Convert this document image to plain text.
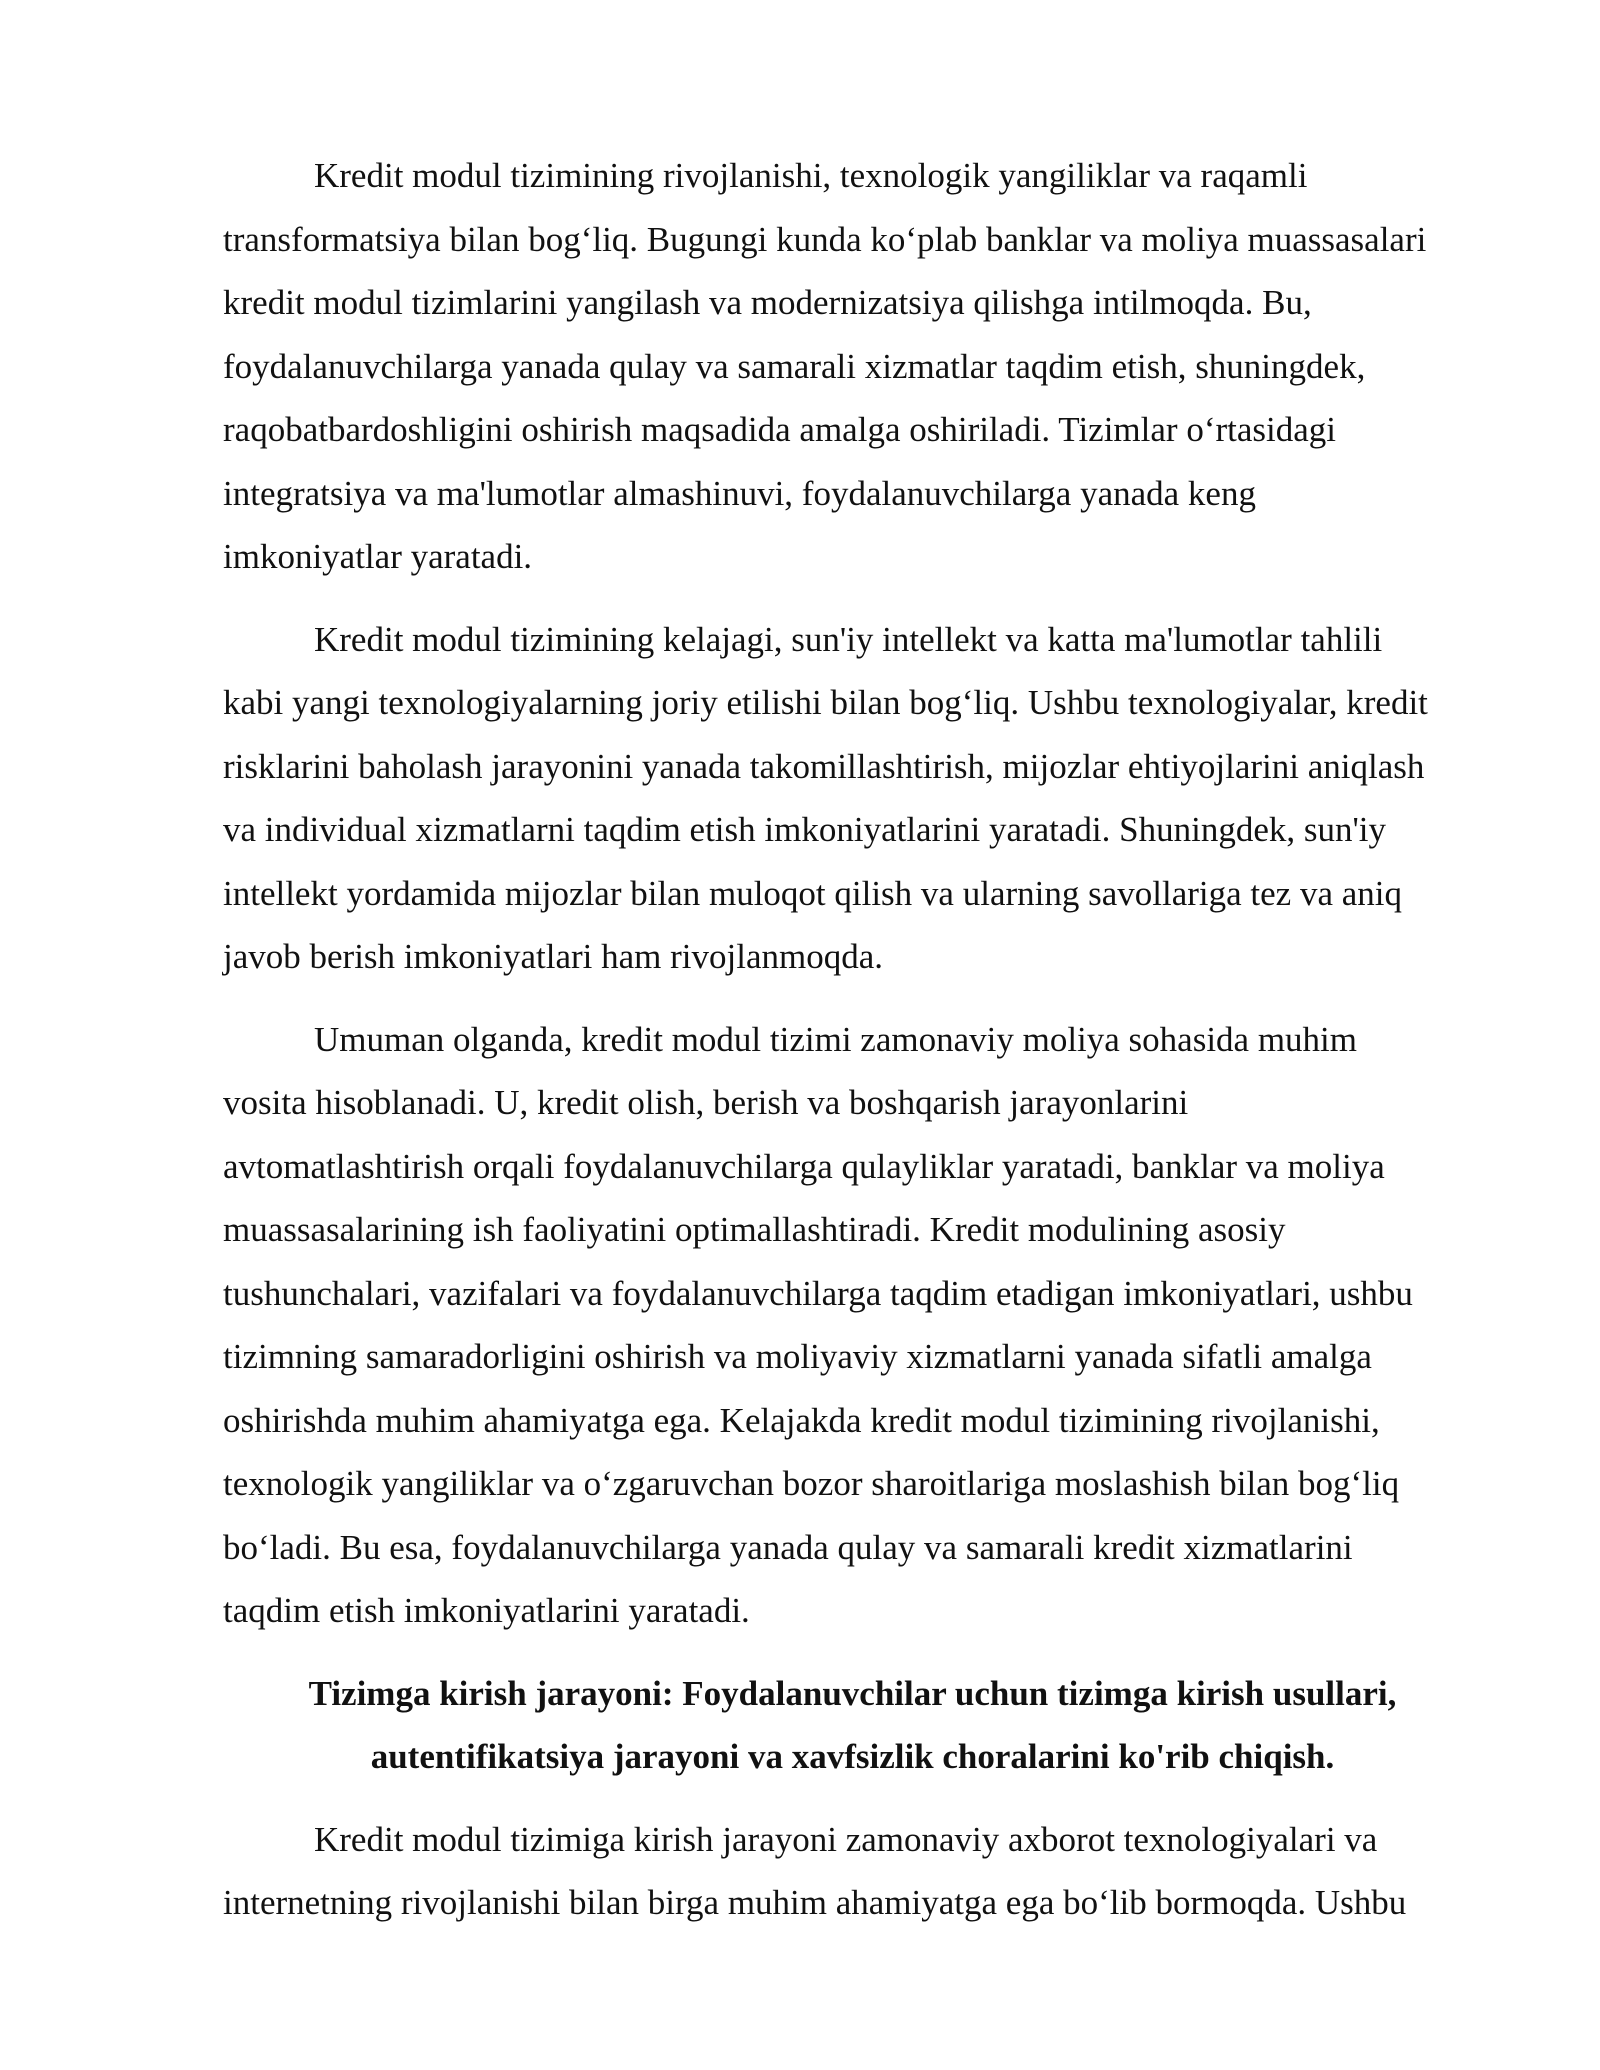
Kredit modul tizimining rivojlanishi, texnologik yangiliklar va raqamli
transformatsiya bilan bog‘liq. Bugungi kunda ko‘plab banklar va moliya muassasalari
kredit modul tizimlarini yangilash va modernizatsiya qilishga intilmoqda. Bu,
foydalanuvchilarga yanada qulay va samarali xizmatlar taqdim etish, shuningdek,
raqobatbardoshligini oshirish maqsadida amalga oshiriladi. Tizimlar o‘rtasidagi
integratsiya va ma'lumotlar almashinuvi, foydalanuvchilarga yanada keng
imkoniyatlar yaratadi.
Kredit modul tizimining kelajagi, sun'iy intellekt va katta ma'lumotlar tahlili
kabi yangi texnologiyalarning joriy etilishi bilan bog‘liq. Ushbu texnologiyalar, kredit
risklarini baholash jarayonini yanada takomillashtirish, mijozlar ehtiyojlarini aniqlash
va individual xizmatlarni taqdim etish imkoniyatlarini yaratadi. Shuningdek, sun'iy
intellekt yordamida mijozlar bilan muloqot qilish va ularning savollariga tez va aniq
javob berish imkoniyatlari ham rivojlanmoqda.
Umuman olganda, kredit modul tizimi zamonaviy moliya sohasida muhim
vosita hisoblanadi. U, kredit olish, berish va boshqarish jarayonlarini
avtomatlashtirish orqali foydalanuvchilarga qulayliklar yaratadi, banklar va moliya
muassasalarining ish faoliyatini optimallashtiradi. Kredit modulining asosiy
tushunchalari, vazifalari va foydalanuvchilarga taqdim etadigan imkoniyatlari, ushbu
tizimning samaradorligini oshirish va moliyaviy xizmatlarni yanada sifatli amalga
oshirishda muhim ahamiyatga ega. Kelajakda kredit modul tizimining rivojlanishi,
texnologik yangiliklar va o‘zgaruvchan bozor sharoitlariga moslashish bilan bog‘liq
bo‘ladi. Bu esa, foydalanuvchilarga yanada qulay va samarali kredit xizmatlarini
taqdim etish imkoniyatlarini yaratadi.
Tizimga kirish jarayoni: Foydalanuvchilar uchun tizimga kirish usullari,
autentifikatsiya jarayoni va xavfsizlik choralarini ko'rib chiqish.
Kredit modul tizimiga kirish jarayoni zamonaviy axborot texnologiyalari va
internetning rivojlanishi bilan birga muhim ahamiyatga ega bo‘lib bormoqda. Ushbu
